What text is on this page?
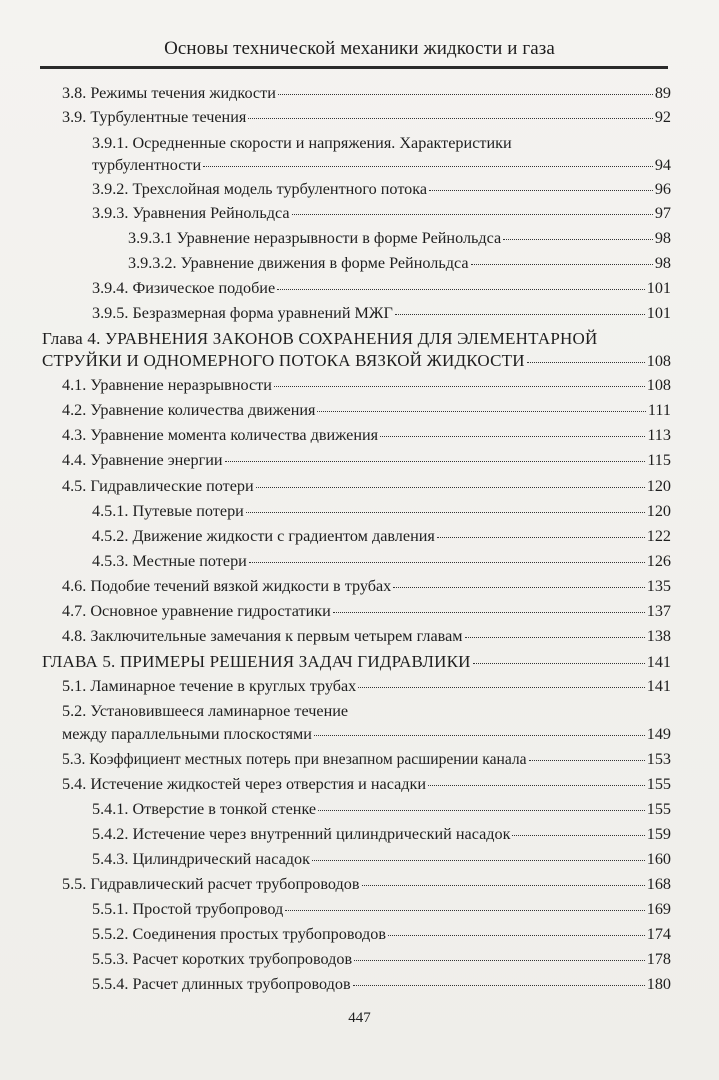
Основы технической механики жидкости и газа
3.8. Режимы течения жидкости	89
3.9. Турбулентные течения	92
3.9.1. Осредненные скорости и напряжения. Характеристики
турбулентности	94
3.9.2. Трехслойная модель турбулентного потока	96
3.9.3. Уравнения Рейнольдса	97
3.9.3.1 Уравнение неразрывности в форме Рейнольдса	98
3.9.3.2. Уравнение движения в форме Рейнольдса	98
3.9.4. Физическое подобие	101
3.9.5. Безразмерная форма уравнений МЖГ	101
Глава 4. УРАВНЕНИЯ ЗАКОНОВ СОХРАНЕНИЯ ДЛЯ ЭЛЕМЕНТАРНОЙ
СТРУЙКИ И ОДНОМЕРНОГО ПОТОКА ВЯЗКОЙ ЖИДКОСТИ	108
4.1. Уравнение неразрывности	108
4.2. Уравнение количества движения	111
4.3. Уравнение момента количества движения	113
4.4. Уравнение энергии	115
4.5. Гидравлические потери	120
4.5.1. Путевые потери	120
4.5.2. Движение жидкости с градиентом давления	122
4.5.3. Местные потери	126
4.6. Подобие течений вязкой жидкости в трубах	135
4.7. Основное уравнение гидростатики	137
4.8. Заключительные замечания к первым четырем главам	138
ГЛАВА 5. ПРИМЕРЫ РЕШЕНИЯ ЗАДАЧ ГИДРАВЛИКИ	141
5.1. Ламинарное течение в круглых трубах	141
5.2. Установившееся ламинарное течение
между параллельными плоскостями	149
5.3. Коэффициент местных потерь при внезапном расширении канала	153
5.4. Истечение жидкостей через отверстия и насадки	155
5.4.1. Отверстие в тонкой стенке	155
5.4.2. Истечение через внутренний цилиндрический насадок	159
5.4.3. Цилиндрический насадок	160
5.5. Гидравлический расчет трубопроводов	168
5.5.1. Простой трубопровод	169
5.5.2. Соединения простых трубопроводов	174
5.5.3. Расчет коротких трубопроводов	178
5.5.4. Расчет длинных трубопроводов	180
447
